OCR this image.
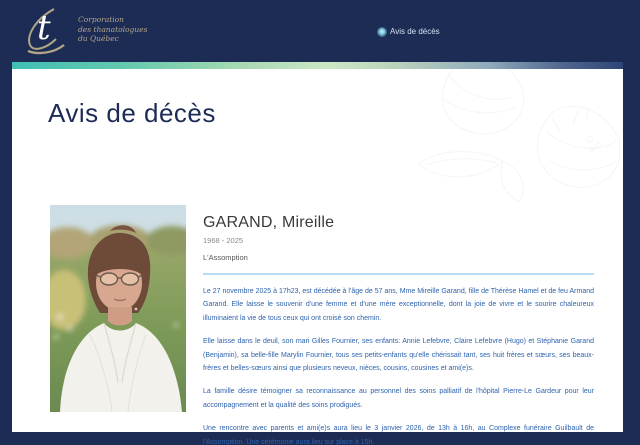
t	Corporation
des thanatologues
du Québec
Avis de décès
Avis de décès
GARAND, Mireille
1968 - 2025
L'Assomption

Le 27 novembre 2025 à 17h23, est décédée à l'âge de 57 ans, Mme Mireille Garand, fille de Thérèse Hamel et de feu Armand Garand. Elle laisse le souvenir d'une femme et d'une mère exceptionnelle, dont la joie de vivre et le sourire chaleureux illuminaient la vie de tous ceux qui ont croisé son chemin.

Elle laisse dans le deuil, son mari Gilles Fournier, ses enfants: Annie Lefebvre, Claire Lefebvre (Hugo) et Stéphanie Garand (Benjamin), sa belle-fille Marylin Fournier, tous ses petits-enfants qu'elle chérissait tant, ses huit frères et sœurs, ses beaux-frères et belles-sœurs ainsi que plusieurs neveux, nièces, cousins, cousines et ami(e)s.

La famille désire témoigner sa reconnaissance au personnel des soins palliatif de l'hôpital Pierre-Le Gardeur pour leur accompagnement et la qualité des soins prodigués.

Une rencontre avec parents et ami(e)s aura lieu le 3 janvier 2026, de 13h à 16h, au Complexe funéraire Guilbault de l'Assomption. Une cérémonie aura lieu sur place à 15h.
